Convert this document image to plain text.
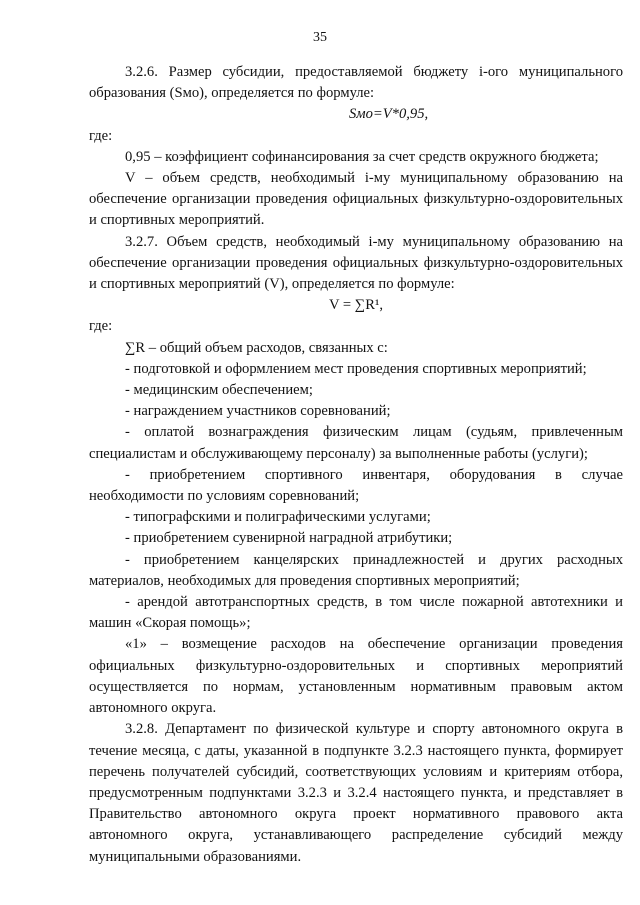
35

3.2.6. Размер субсидии, предоставляемой бюджету i-ого муниципального образования (Sмо), определяется по формуле:

Sмо=V*0,95,

где:

0,95 – коэффициент софинансирования за счет средств окружного бюджета;

V – объем средств, необходимый i-му муниципальному образованию на обеспечение организации проведения официальных физкультурно-оздоровительных и спортивных мероприятий.

3.2.7. Объем средств, необходимый i-му муниципальному образованию на обеспечение организации проведения официальных физкультурно-оздоровительных и спортивных мероприятий (V), определяется по формуле:

V = ∑R¹,

где:

∑R – общий объем расходов, связанных с:

- подготовкой и оформлением мест проведения спортивных мероприятий;

- медицинским обеспечением;

- награждением участников соревнований;

- оплатой вознаграждения физическим лицам (судьям, привлеченным специалистам и обслуживающему персоналу) за выполненные работы (услуги);

- приобретением спортивного инвентаря, оборудования в случае необходимости по условиям соревнований;

- типографскими и полиграфическими услугами;

- приобретением сувенирной наградной атрибутики;

- приобретением канцелярских принадлежностей и других расходных материалов, необходимых для проведения спортивных мероприятий;

- арендой автотранспортных средств, в том числе пожарной автотехники и машин «Скорая помощь»;

«1» – возмещение расходов на обеспечение организации проведения официальных физкультурно-оздоровительных и спортивных мероприятий осуществляется по нормам, установленным нормативным правовым актом автономного округа.

3.2.8. Департамент по физической культуре и спорту автономного округа в течение месяца, с даты, указанной в подпункте 3.2.3 настоящего пункта, формирует перечень получателей субсидий, соответствующих условиям и критериям отбора, предусмотренным подпунктами 3.2.3 и 3.2.4 настоящего пункта, и представляет в Правительство автономного округа проект нормативного правового акта автономного округа, устанавливающего распределение субсидий между муниципальными образованиями.
